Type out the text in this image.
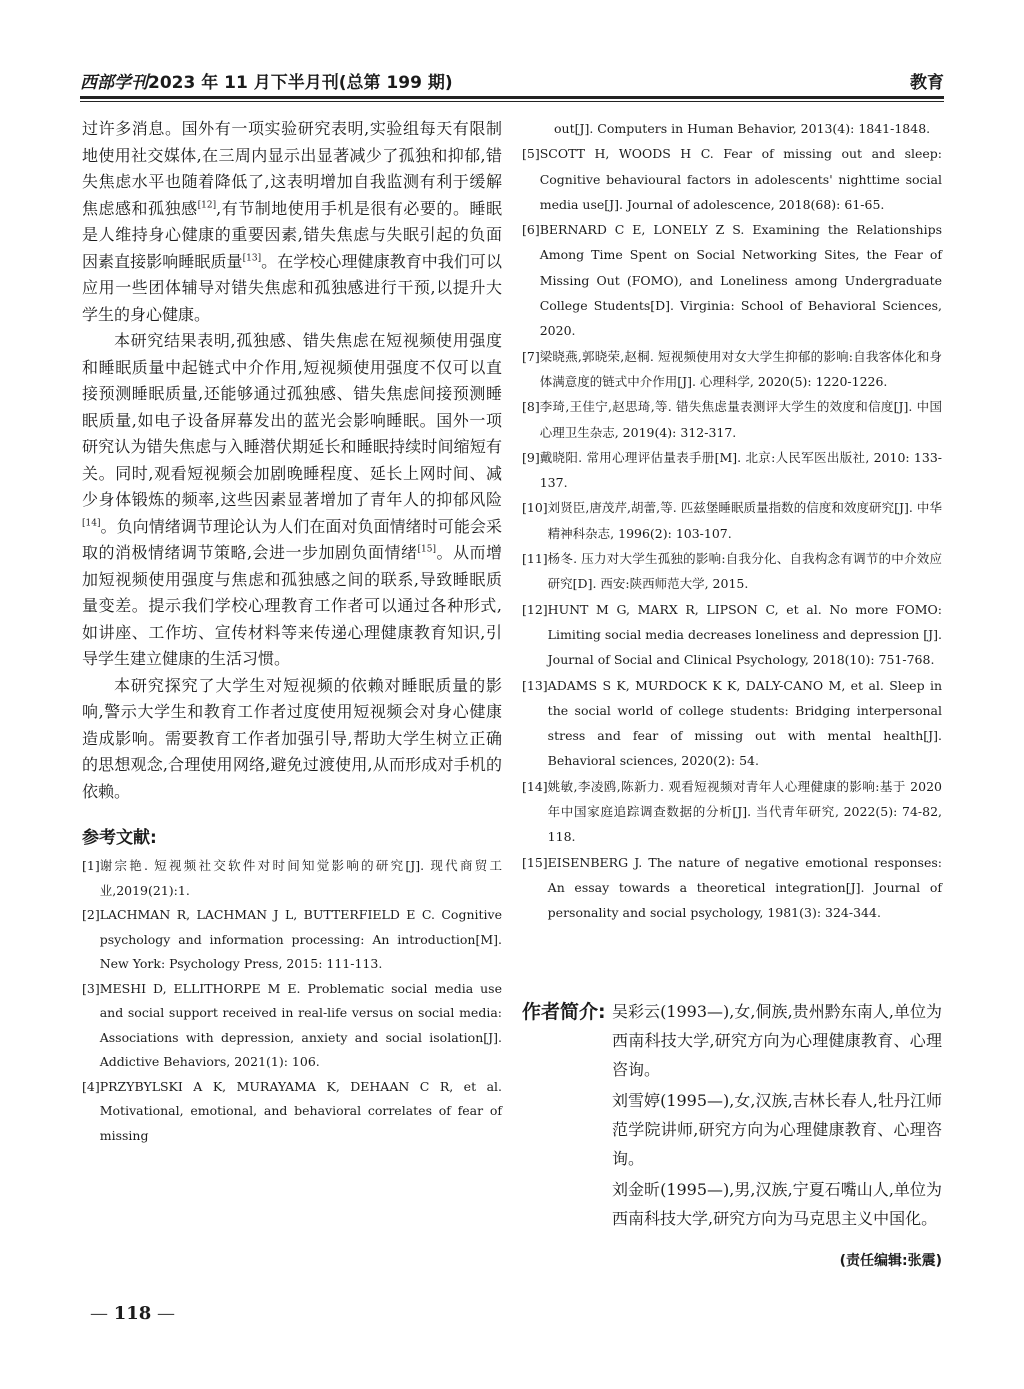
西部学刊2023 年 11 月下半月刊(总第 199 期)	教育

过许多消息。国外有一项实验研究表明,实验组每天有限制地使用社交媒体,在三周内显示出显著减少了孤独和抑郁,错失焦虑水平也随着降低了,这表明增加自我监测有利于缓解焦虑感和孤独感[12],有节制地使用手机是很有必要的。睡眠是人维持身心健康的重要因素,错失焦虑与失眠引起的负面因素直接影响睡眠质量[13]。在学校心理健康教育中我们可以应用一些团体辅导对错失焦虑和孤独感进行干预,以提升大学生的身心健康。

本研究结果表明,孤独感、错失焦虑在短视频使用强度和睡眠质量中起链式中介作用,短视频使用强度不仅可以直接预测睡眠质量,还能够通过孤独感、错失焦虑间接预测睡眠质量,如电子设备屏幕发出的蓝光会影响睡眠。国外一项研究认为错失焦虑与入睡潜伏期延长和睡眠持续时间缩短有关。同时,观看短视频会加剧晚睡程度、延长上网时间、减少身体锻炼的频率,这些因素显著增加了青年人的抑郁风险[14]。负向情绪调节理论认为人们在面对负面情绪时可能会采取的消极情绪调节策略,会进一步加剧负面情绪[15]。从而增加短视频使用强度与焦虑和孤独感之间的联系,导致睡眠质量变差。提示我们学校心理教育工作者可以通过各种形式,如讲座、工作坊、宣传材料等来传递心理健康教育知识,引导学生建立健康的生活习惯。

本研究探究了大学生对短视频的依赖对睡眠质量的影响,警示大学生和教育工作者过度使用短视频会对身心健康造成影响。需要教育工作者加强引导,帮助大学生树立正确的思想观念,合理使用网络,避免过渡使用,从而形成对手机的依赖。

参考文献:

[1] 谢宗艳. 短视频社交软件对时间知觉影响的研究[J]. 现代商贸工业,2019(21):1.

[2] LACHMAN R, LACHMAN J L, BUTTERFIELD E C. Cognitive psychology and information processing: An introduction[M]. New York: Psychology Press, 2015: 111-113.

[3] MESHI D, ELLITHORPE M E. Problematic social media use and social support received in real-life versus on social media: Associations with depression, anxiety and social isolation[J]. Addictive Behaviors, 2021(1): 106.

[4] PRZYBYLSKI A K, MURAYAMA K, DEHAAN C R, et al. Motivational, emotional, and behavioral correlates of fear of missing

out[J]. Computers in Human Behavior, 2013(4): 1841-1848.

[5] SCOTT H, WOODS H C. Fear of missing out and sleep: Cognitive behavioural factors in adolescents' nighttime social media use[J]. Journal of adolescence, 2018(68): 61-65.

[6] BERNARD C E, LONELY Z S. Examining the Relationships Among Time Spent on Social Networking Sites, the Fear of Missing Out (FOMO), and Loneliness among Undergraduate College Students[D]. Virginia: School of Behavioral Sciences, 2020.

[7] 梁晓燕,郭晓荣,赵桐. 短视频使用对女大学生抑郁的影响:自我客体化和身体满意度的链式中介作用[J]. 心理科学, 2020(5): 1220-1226.

[8] 李琦,王佳宁,赵思琦,等. 错失焦虑量表测评大学生的效度和信度[J]. 中国心理卫生杂志, 2019(4): 312-317.

[9] 戴晓阳. 常用心理评估量表手册[M]. 北京:人民军医出版社, 2010: 133-137.

[10] 刘贤臣,唐茂芹,胡蕾,等. 匹兹堡睡眠质量指数的信度和效度研究[J]. 中华精神科杂志, 1996(2): 103-107.

[11] 杨冬. 压力对大学生孤独的影响:自我分化、自我构念有调节的中介效应研究[D]. 西安:陕西师范大学, 2015.

[12] HUNT M G, MARX R, LIPSON C, et al. No more FOMO: Limiting social media decreases loneliness and depression [J]. Journal of Social and Clinical Psychology, 2018(10): 751-768.

[13] ADAMS S K, MURDOCK K K, DALY-CANO M, et al. Sleep in the social world of college students: Bridging interpersonal stress and fear of missing out with mental health[J]. Behavioral sciences, 2020(2): 54.

[14] 姚敏,李凌鸥,陈新力. 观看短视频对青年人心理健康的影响:基于 2020 年中国家庭追踪调查数据的分析[J]. 当代青年研究, 2022(5): 74-82, 118.

[15] EISENBERG J. The nature of negative emotional responses: An essay towards a theoretical integration[J]. Journal of personality and social psychology, 1981(3): 324-344.

作者简介: 吴彩云(1993—),女,侗族,贵州黔东南人,单位为西南科技大学,研究方向为心理健康教育、心理咨询。

刘雪婷(1995—),女,汉族,吉林长春人,牡丹江师范学院讲师,研究方向为心理健康教育、心理咨询。

刘金昕(1995—),男,汉族,宁夏石嘴山人,单位为西南科技大学,研究方向为马克思主义中国化。

(责任编辑:张震)
— 118 —
